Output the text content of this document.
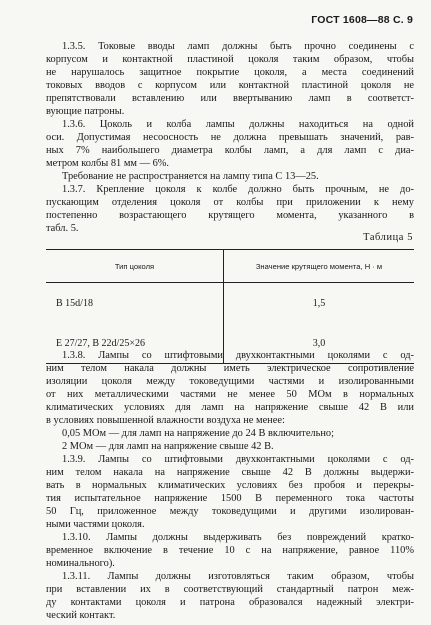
ГОСТ 1608—88 С. 9
1.3.5. Токовые вводы ламп должны быть прочно соединены с
корпусом и контактной пластиной цоколя таким образом, чтобы
не нарушалось защитное покрытие цоколя, а места соединений
токовых вводов с корпусом или контактной пластиной цоколя не
препятствовали вставлению или ввертыванию ламп в соответст-
вующие патроны.
1.3.6. Цоколь и колба лампы должны находиться на одной
оси. Допустимая несоосность не должна превышать значений, рав-
ных 7% наибольшего диаметра колбы ламп, а для ламп с диа-
метром колбы 81 мм — 6%.
Требование не распространяется на лампу типа С 13—25.
1.3.7. Крепление цоколя к колбе должно быть прочным, не до-
пускающим отделения цоколя от колбы при приложении к нему
постепенно возрастающего крутящего момента, указанного в
табл. 5.
Таблица 5
Тип цоколя	Значение крутящего момента, Н · м
В 15d/18	1,5
Е 27/27, В 22d/25×26	3,0
1.3.8. Лампы со штифтовыми двухконтактными цоколями с од-
ним телом накала должны иметь электрическое сопротивление
изоляции цоколя между токоведущими частями и изолированными
от них металлическими частями не менее 50 МОм в нормальных
климатических условиях для ламп на напряжение свыше 42 В или
в условиях повышенной влажности воздуха не менее:
0,05 МОм — для ламп на напряжение до 24 В включительно;
2 МОм — для ламп на напряжение свыше 42 В.
1.3.9. Лампы со штифтовыми двухконтактными цоколями с од-
ним телом накала на напряжение свыше 42 В должны выдержи-
вать в нормальных климатических условиях без пробоя и перекры-
тия испытательное напряжение 1500 В переменного тока частоты
50 Гц, приложенное между токоведущими и другими изолирован-
ными частями цоколя.
1.3.10. Лампы должны выдерживать без повреждений кратко-
временное включение в течение 10 с на напряжение, равное 110%
номинального).
1.3.11. Лампы должны изготовляться таким образом, чтобы
при вставлении их в соответствующий стандартный патрон меж-
ду контактами цоколя и патрона образовался надежный электри-
ческий контакт.
